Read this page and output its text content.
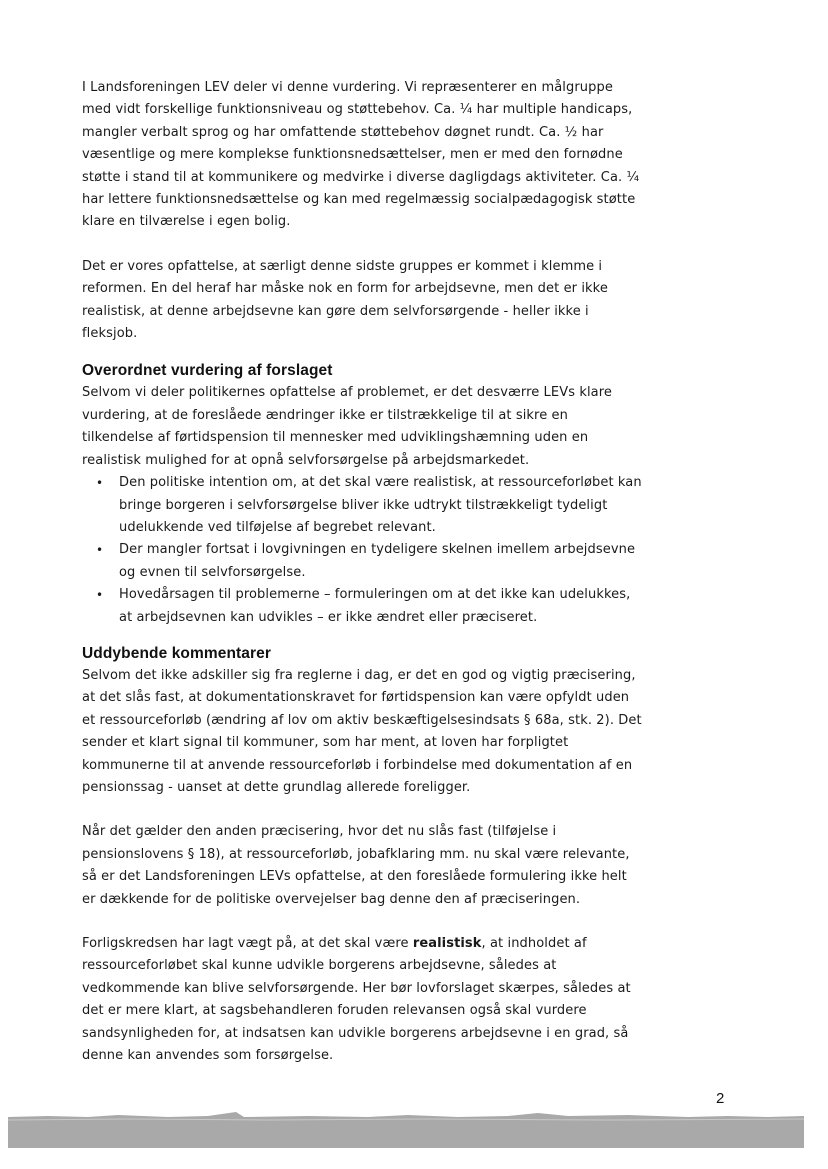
I Landsforeningen LEV deler vi denne vurdering. Vi repræsenterer en målgruppe med vidt forskellige funktionsniveau og støttebehov. Ca. ¼ har multiple handicaps, mangler verbalt sprog og har omfattende støttebehov døgnet rundt. Ca. ½ har væsentlige og mere komplekse funktionsnedsættelser, men er med den fornødne støtte i stand til at kommunikere og medvirke i diverse dagligdags aktiviteter. Ca. ¼ har lettere funktionsnedsættelse og kan med regelmæssig socialpædagogisk støtte klare en tilværelse i egen bolig.

Det er vores opfattelse, at særligt denne sidste gruppes er kommet i klemme i reformen. En del heraf har måske nok en form for arbejdsevne, men det er ikke realistisk, at denne arbejdsevne kan gøre dem selvforsørgende - heller ikke i fleksjob.

Overordnet vurdering af forslaget

Selvom vi deler politikernes opfattelse af problemet, er det desværre LEVs klare vurdering, at de foreslåede ændringer ikke er tilstrækkelige til at sikre en tilkendelse af førtidspension til mennesker med udviklingshæmning uden en realistisk mulighed for at opnå selvforsørgelse på arbejdsmarkedet.

• Den politiske intention om, at det skal være realistisk, at ressourceforløbet kan bringe borgeren i selvforsørgelse bliver ikke udtrykt tilstrækkeligt tydeligt udelukkende ved tilføjelse af begrebet relevant.
• Der mangler fortsat i lovgivningen en tydeligere skelnen imellem arbejdsevne og evnen til selvforsørgelse.
• Hovedårsagen til problemerne – formuleringen om at det ikke kan udelukkes, at arbejdsevnen kan udvikles – er ikke ændret eller præciseret.
Uddybende kommentarer

Selvom det ikke adskiller sig fra reglerne i dag, er det en god og vigtig præcisering, at det slås fast, at dokumentationskravet for førtidspension kan være opfyldt uden et ressourceforløb (ændring af lov om aktiv beskæftigelsesindsats § 68a, stk. 2). Det sender et klart signal til kommuner, som har ment, at loven har forpligtet kommunerne til at anvende ressourceforløb i forbindelse med dokumentation af en pensionssag - uanset at dette grundlag allerede foreligger.

Når det gælder den anden præcisering, hvor det nu slås fast (tilføjelse i pensionslovens § 18), at ressourceforløb, jobafklaring mm. nu skal være relevante, så er det Landsforeningen LEVs opfattelse, at den foreslåede formulering ikke helt er dækkende for de politiske overvejelser bag denne den af præciseringen.

Forligskredsen har lagt vægt på, at det skal være realistisk, at indholdet af ressourceforløbet skal kunne udvikle borgerens arbejdsevne, således at vedkommende kan blive selvforsørgende. Her bør lovforslaget skærpes, således at det er mere klart, at sagsbehandleren foruden relevansen også skal vurdere sandsynligheden for, at indsatsen kan udvikle borgerens arbejdsevne i en grad, så denne kan anvendes som forsørgelse.

2
